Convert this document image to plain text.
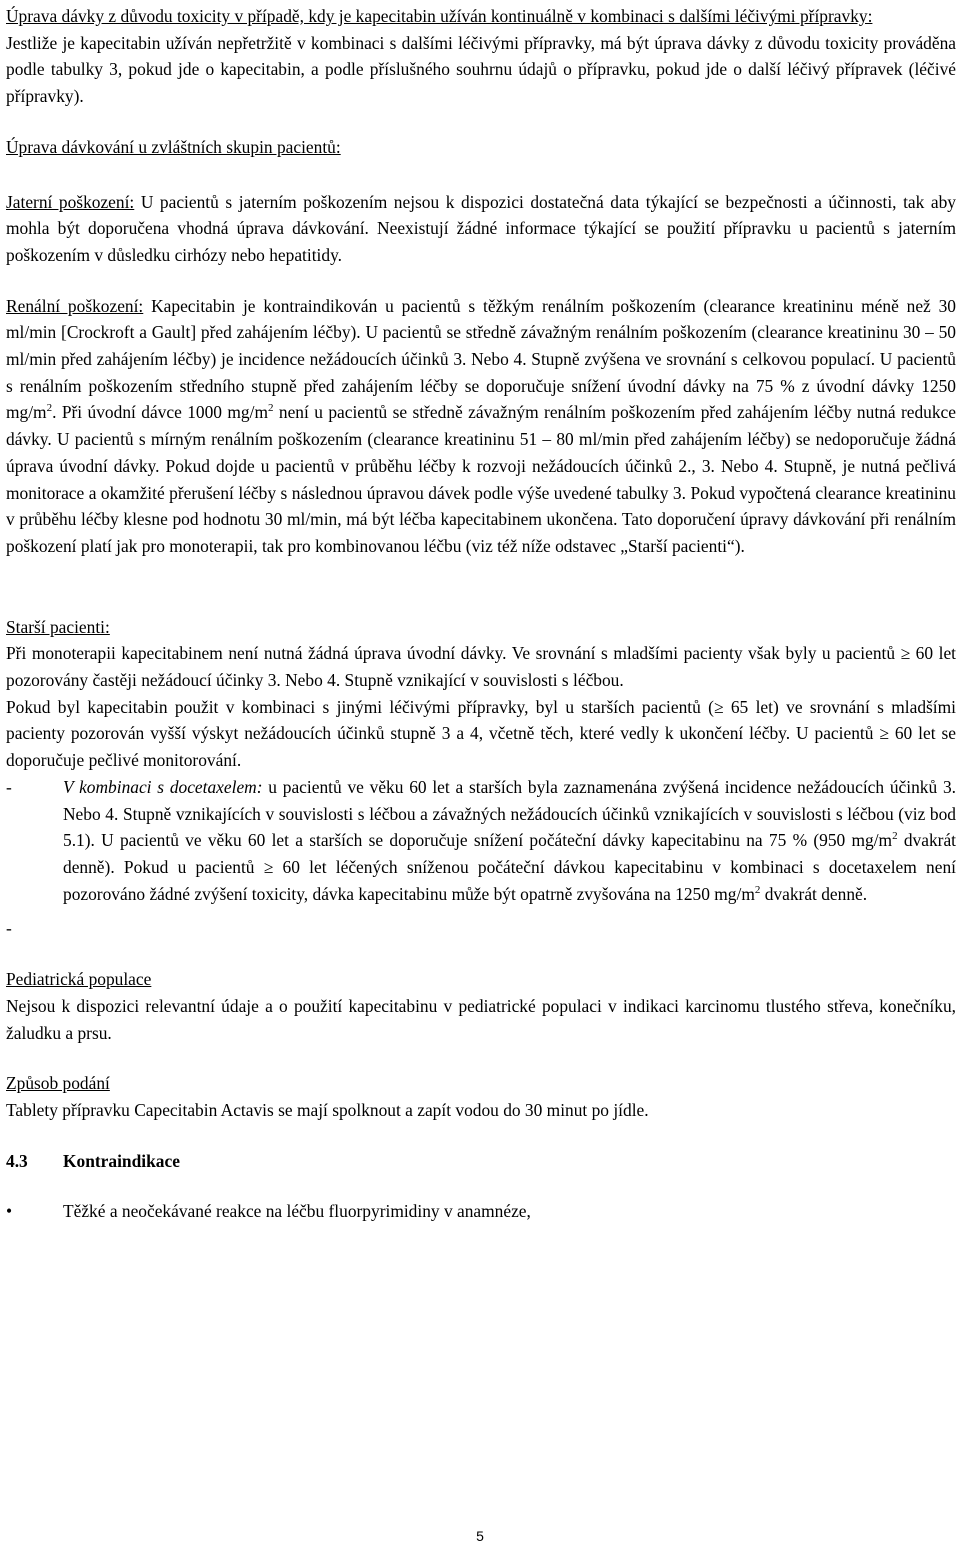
Úprava dávky z důvodu toxicity v případě, kdy je kapecitabin užíván kontinuálně v kombinaci s dalšími léčivými přípravky:

Jestliže je kapecitabin užíván nepřetržitě v kombinaci s dalšími léčivými přípravky, má být úprava dávky z důvodu toxicity prováděna podle tabulky 3, pokud jde o kapecitabin, a podle příslušného souhrnu údajů o přípravku, pokud jde o další léčivý přípravek (léčivé přípravky).

Úprava dávkování u zvláštních skupin pacientů:

Jaterní poškození: U pacientů s jaterním poškozením nejsou k dispozici dostatečná data týkající se bezpečnosti a účinnosti, tak aby mohla být doporučena vhodná úprava dávkování. Neexistují žádné informace týkající se použití přípravku u pacientů s jaterním poškozením v důsledku cirhózy nebo hepatitidy.

Renální poškození: Kapecitabin je kontraindikován u pacientů s těžkým renálním poškozením (clearance kreatininu méně než 30 ml/min [Crockroft a Gault] před zahájením léčby). U pacientů se středně závažným renálním poškozením (clearance kreatininu 30 – 50 ml/min před zahájením léčby) je incidence nežádoucích účinků 3. Nebo 4. Stupně zvýšena ve srovnání s celkovou populací. U pacientů s renálním poškozením středního stupně před zahájením léčby se doporučuje snížení úvodní dávky na 75 % z úvodní dávky 1250 $mg/m^2$. Při úvodní dávce 1000 $mg/m^2$ není u pacientů se středně závažným renálním poškozením před zahájením léčby nutná redukce dávky. U pacientů s mírným renálním poškozením (clearance kreatininu 51 – 80 ml/min před zahájením léčby) se nedoporučuje žádná úprava úvodní dávky. Pokud dojde u pacientů v průběhu léčby k rozvoji nežádoucích účinků 2., 3. Nebo 4. Stupně, je nutná pečlivá monitorace a okamžité přerušení léčby s následnou úpravou dávek podle výše uvedené tabulky 3. Pokud vypočtená clearance kreatininu v průběhu léčby klesne pod hodnotu 30 ml/min, má být léčba kapecitabinem ukončena. Tato doporučení úpravy dávkování při renálním poškození platí jak pro monoterapii, tak pro kombinovanou léčbu (viz též níže odstavec „Starší pacienti“).

Starší pacienti:

Při monoterapii kapecitabinem není nutná žádná úprava úvodní dávky. Ve srovnání s mladšími pacienty však byly u pacientů ≥ 60 let pozorovány častěji nežádoucí účinky 3. Nebo 4. Stupně vznikající v souvislosti s léčbou.

Pokud byl kapecitabin použit v kombinaci s jinými léčivými přípravky, byl u starších pacientů (≥ 65 let) ve srovnání s mladšími pacienty pozorován vyšší výskyt nežádoucích účinků stupně 3 a 4, včetně těch, které vedly k ukončení léčby. U pacientů ≥ 60 let se doporučuje pečlivé monitorování.

-	V kombinaci s docetaxelem: u pacientů ve věku 60 let a starších byla zaznamenána zvýšená incidence nežádoucích účinků 3. Nebo 4. Stupně vznikajících v souvislosti s léčbou a závažných nežádoucích účinků vznikajících v souvislosti s léčbou (viz bod 5.1). U pacientů ve věku 60 let a starších se doporučuje snížení počáteční dávky kapecitabinu na 75 % (950 $mg/m^2$ dvakrát denně). Pokud u pacientů ≥ 60 let léčených sníženou počáteční dávkou kapecitabinu v kombinaci s docetaxelem není pozorováno žádné zvýšení toxicity, dávka kapecitabinu může být opatrně zvyšována na 1250 $mg/m^2$ dvakrát denně.

-

Pediatrická populace

Nejsou k dispozici relevantní údaje a o použití kapecitabinu v pediatrické populaci v indikaci karcinomu tlustého střeva, konečníku, žaludku a prsu.

Způsob podání

Tablety přípravku Capecitabin Actavis se mají spolknout a zapít vodou do 30 minut po jídle.

4.3	Kontraindikace
•	Těžké a neočekávané reakce na léčbu fluorpyrimidiny v anamnéze,
5
